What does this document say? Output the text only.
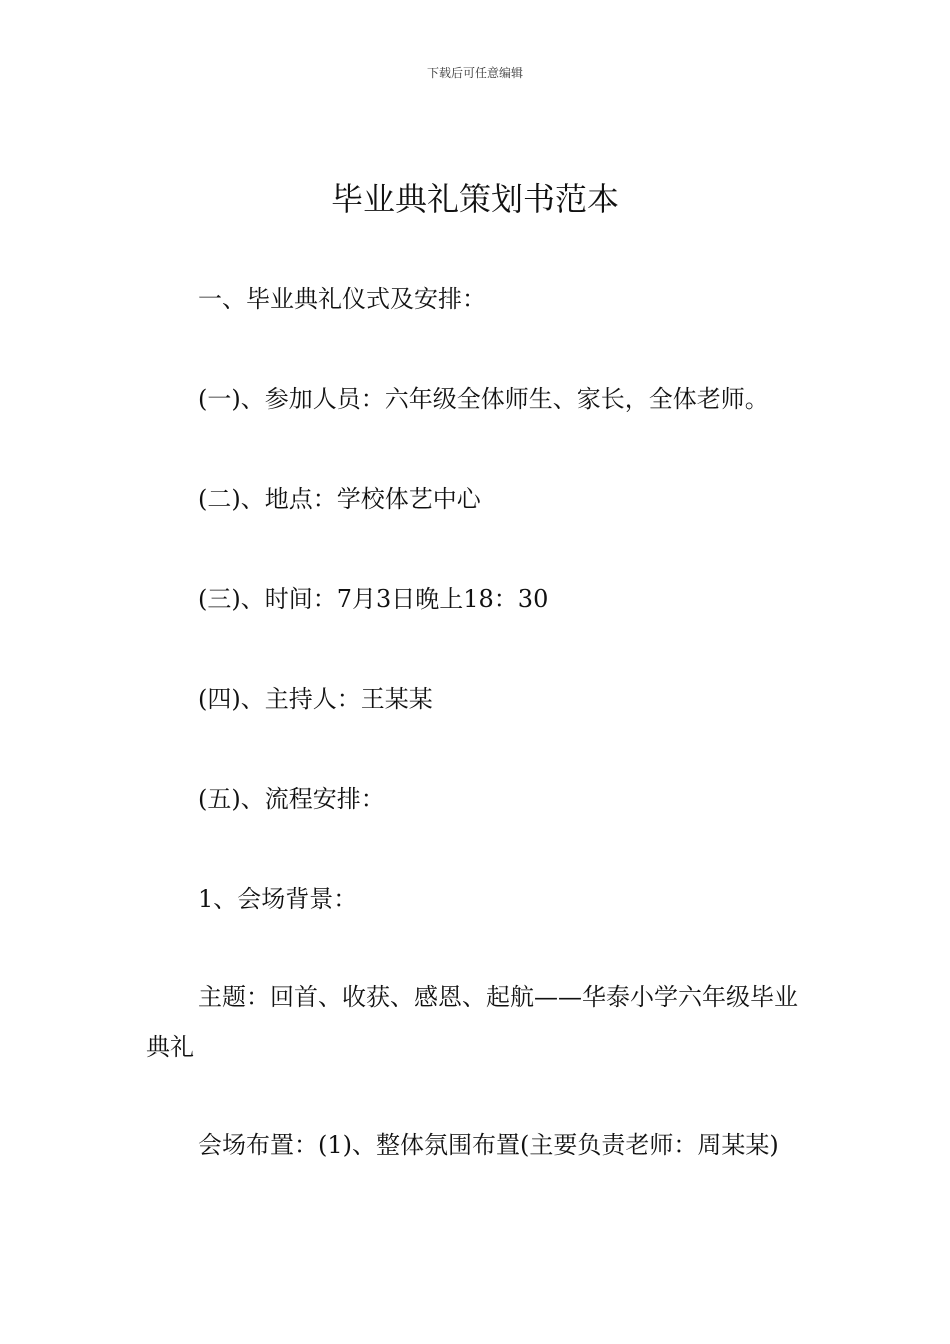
下载后可任意编辑
毕业典礼策划书范本

一、毕业典礼仪式及安排：

(一)、参加人员：六年级全体师生、家长，全体老师。

(二)、地点：学校体艺中心

(三)、时间：7月3日晚上18：30

(四)、主持人：王某某

(五)、流程安排：

1、会场背景：

主题：回首、收获、感恩、起航——华泰小学六年级毕业典礼

会场布置：(1)、整体氛围布置(主要负责老师：周某某)
